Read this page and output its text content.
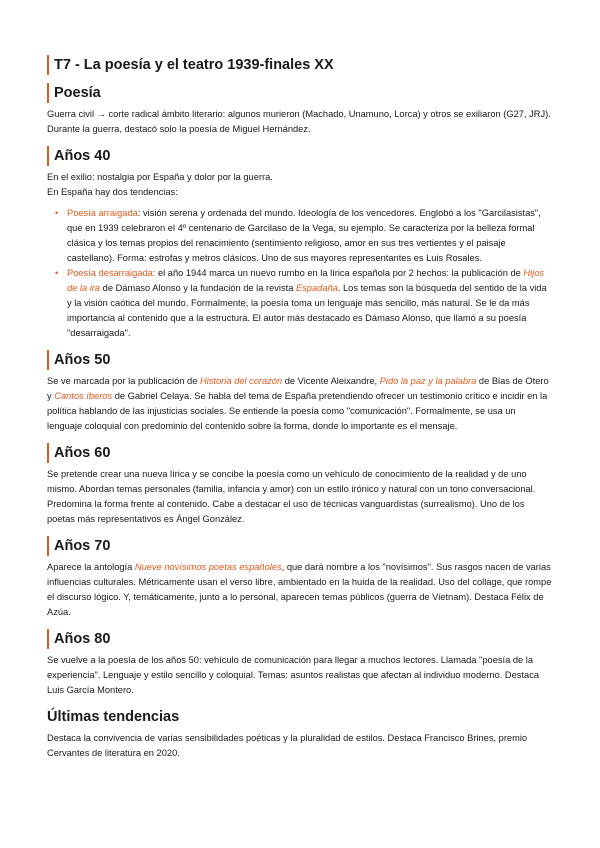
T7 - La poesía y el teatro 1939-finales XX
Poesía

Guerra civil → corte radical ámbito literario: algunos murieron (Machado, Unamuno, Lorca) y otros se exiliaron (G27, JRJ). Durante la guerra, destacó solo la poesía de Miguel Hernández.

Años 40

En el exilio: nostalgia por España y dolor por la guerra.

En España hay dos tendencias:

• Poesía arraigada: visión serena y ordenada del mundo. Ideología de los vencedores. Englobó a los "Garcilasistas", que en 1939 celebraron el 4º centenario de Garcilaso de la Vega, su ejemplo. Se caracteriza por la belleza formal clásica y los temas propios del renacimiento (sentimiento religioso, amor en sus tres vertientes y el paisaje castellano). Forma: estrofas y metros clásicos. Uno de sus mayores representantes es Luis Rosales.
• Poesía desarraigada: el año 1944 marca un nuevo rumbo en la lírica española por 2 hechos: la publicación de Hijos de la ira de Dámaso Alonso y la fundación de la revista Espadaña. Los temas son la búsqueda del sentido de la vida y la visión caótica del mundo. Formalmente, la poesía toma un lenguaje más sencillo, más natural. Se le da más importancia al contenido que a la estructura. El autor más destacado es Dámaso Alonso, que llamó a su poesía "desarraigada".
Años 50

Se ve marcada por la publicación de Historia del corazón de Vicente Aleixandre, Pido la paz y la palabra de Blas de Otero y Cantos íberos de Gabriel Celaya. Se habla del tema de España pretendiendo ofrecer un testimonio crítico e incidir en la política hablando de las injusticias sociales. Se entiende la poesía como "comunicación". Formalmente, se usa un lenguaje coloquial con predominio del contenido sobre la forma, donde lo importante es el mensaje.

Años 60

Se pretende crear una nueva lírica y se concibe la poesía como un vehículo de conocimiento de la realidad y de uno mismo. Abordan temas personales (familia, infancia y amor) con un estilo irónico y natural con un tono conversacional. Predomina la forma frente al contenido. Cabe a destacar el uso de técnicas vanguardistas (surrealismo). Uno de los poetas más representativos es Ángel González.

Años 70

Aparece la antología Nueve novísimos poetas españoles, que dará nombre a los "novísimos". Sus rasgos nacen de varias influencias culturales. Métricamente usan el verso libre, ambientado en la huida de la realidad. Uso del collage, que rompe el discurso lógico. Y, temáticamente, junto a lo personal, aparecen temas públicos (guerra de Vietnam). Destaca Félix de Azúa.

Años 80

Se vuelve a la poesía de los años 50: vehículo de comunicación para llegar a muchos lectores. Llamada "poesía de la experiencia". Lenguaje y estilo sencillo y coloquial. Temas: asuntos realistas que afectan al individuo moderno. Destaca Luis García Montero.

Últimas tendencias

Destaca la convivencia de varias sensibilidades poéticas y la pluralidad de estilos. Destaca Francisco Brines, premio Cervantes de literatura en 2020.
